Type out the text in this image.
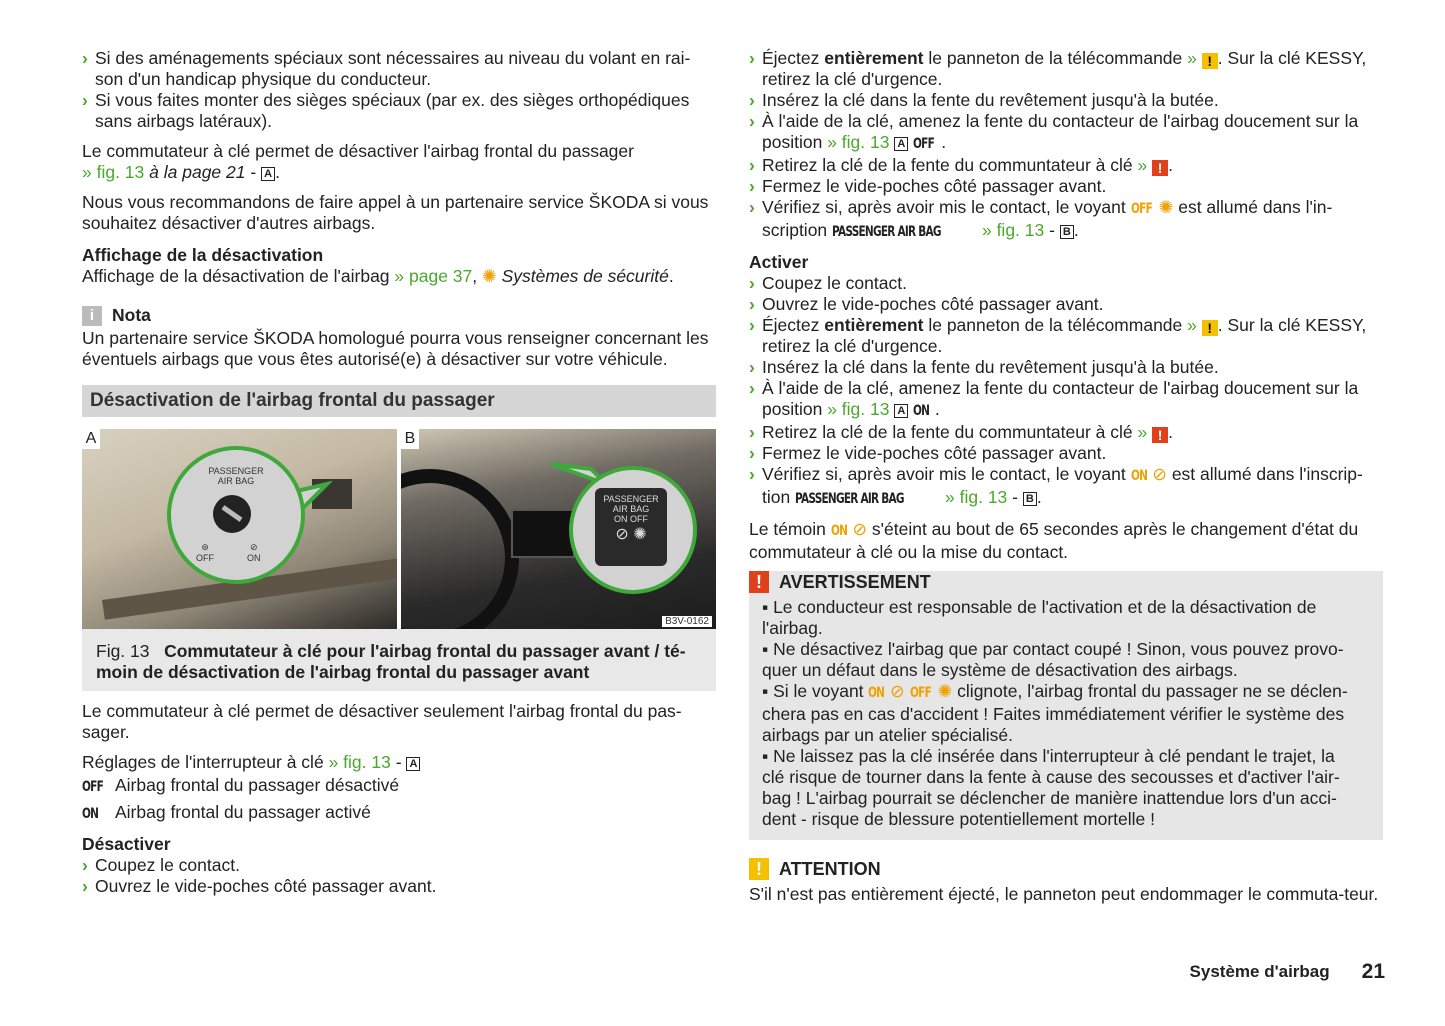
› Si des aménagements spéciaux sont nécessaires au niveau du volant en rai-son d'un handicap physique du conducteur.
› Si vous faites monter des sièges spéciaux (par ex. des sièges orthopédiques sans airbags latéraux).

Le commutateur à clé permet de désactiver l'airbag frontal du passager
» fig. 13 à la page 21 - A .

Nous vous recommandons de faire appel à un partenaire service ŠKODA si vous souhaitez désactiver d'autres airbags.

Affichage de la désactivation

Affichage de la désactivation de l'airbag » page 37, ✺ Systèmes de sécurité.

i	Nota

Un partenaire service ŠKODA homologué pourra vous renseigner concernant les éventuels airbags que vous êtes autorisé(e) à désactiver sur votre véhicule.

Désactivation de l'airbag frontal du passager
A
PASSENGER
AIR BAG
⊛
OFF
⊘
ON
B
PASSENGER
AIR BAG
ON OFF
⊘ ✺
B3V-0162
Fig. 13 Commutateur à clé pour l'airbag frontal du passager avant / té-moin de désactivation de l'airbag frontal du passager avant

Le commutateur à clé permet de désactiver seulement l'airbag frontal du pas-sager.

Réglages de l'interrupteur à clé » fig. 13 - A

OFF Airbag frontal du passager désactivé
ON Airbag frontal du passager activé

Désactiver

› Coupez le contact.
› Ouvrez le vide-poches côté passager avant.
› Éjectez entièrement le panneton de la télécommande » ! . Sur la clé KESSY, retirez la clé d'urgence.
› Insérez la clé dans la fente du revêtement jusqu'à la butée.
› À l'aide de la clé, amenez la fente du contacteur de l'airbag doucement sur la position » fig. 13 A OFF .
› Retirez la clé de la fente du communtateur à clé » ! .
› Fermez le vide-poches côté passager avant.
› Vérifiez si, après avoir mis le contact, le voyant OFF ✺ est allumé dans l'in-scription PASSENGER AIR BAG » fig. 13 - B .

Activer

› Coupez le contact.
› Ouvrez le vide-poches côté passager avant.
› Éjectez entièrement le panneton de la télécommande » ! . Sur la clé KESSY, retirez la clé d'urgence.
› Insérez la clé dans la fente du revêtement jusqu'à la butée.
› À l'aide de la clé, amenez la fente du contacteur de l'airbag doucement sur la position » fig. 13 A ON .
› Retirez la clé de la fente du communtateur à clé » ! .
› Fermez le vide-poches côté passager avant.
› Vérifiez si, après avoir mis le contact, le voyant ON ⊘ est allumé dans l'inscrip-tion PASSENGER AIR BAG » fig. 13 - B .

Le témoin ON ⊘ s'éteint au bout de 65 secondes après le changement d'état du commutateur à clé ou la mise du contact.

! AVERTISSEMENT

▪ Le conducteur est responsable de l'activation et de la désactivation de l'airbag.

▪ Ne désactivez l'airbag que par contact coupé ! Sinon, vous pouvez provo-quer un défaut dans le système de désactivation des airbags.

▪ Si le voyant ON ⊘ OFF ✺ clignote, l'airbag frontal du passager ne se déclen-chera pas en cas d'accident ! Faites immédiatement vérifier le système des airbags par un atelier spécialisé.

▪ Ne laissez pas la clé insérée dans l'interrupteur à clé pendant le trajet, la clé risque de tourner dans la fente à cause des secousses et d'activer l'air-bag ! L'airbag pourrait se déclencher de manière inattendue lors d'un acci-dent - risque de blessure potentiellement mortelle !

! ATTENTION

S'il n'est pas entièrement éjecté, le panneton peut endommager le commuta-teur.

Système d'airbag 21
